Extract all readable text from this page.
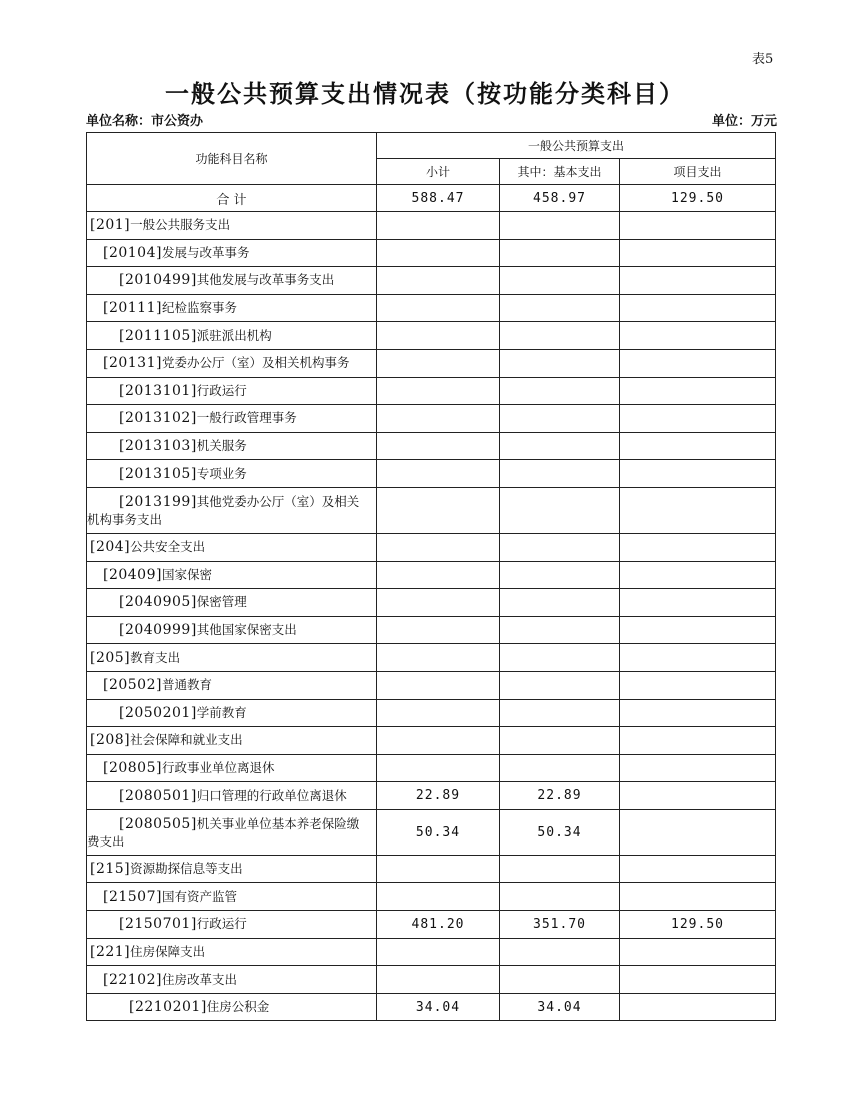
表5
一般公共预算支出情况表（按功能分类科目）
单位名称：市公资办	单位：万元
功能科目名称	一般公共预算支出		
	小计	其中：基本支出	项目支出
合 计	588.47	458.97	129.50

[201]一般公共服务支出			

[20104]发展与改革事务			

[2010499]其他发展与改革事务支出			

[20111]纪检监察事务			

[2011105]派驻派出机构			

[20131]党委办公厅（室）及相关机构事务			

[2013101]行政运行			

[2013102]一般行政管理事务			

[2013103]机关服务			

[2013105]专项业务			

[2013199]其他党委办公厅（室）及相关
机构事务支出			

[204]公共安全支出			

[20409]国家保密			

[2040905]保密管理			

[2040999]其他国家保密支出			

[205]教育支出			

[20502]普通教育			

[2050201]学前教育			

[208]社会保障和就业支出			

[20805]行政事业单位离退休			

[2080501]归口管理的行政单位离退休	22.89	22.89	

[2080505]机关事业单位基本养老保险缴
费支出	50.34	50.34	

[215]资源勘探信息等支出			

[21507]国有资产监管			

[2150701]行政运行	481.20	351.70	129.50

[221]住房保障支出			

[22102]住房改革支出			

[2210201]住房公积金	34.04	34.04	
